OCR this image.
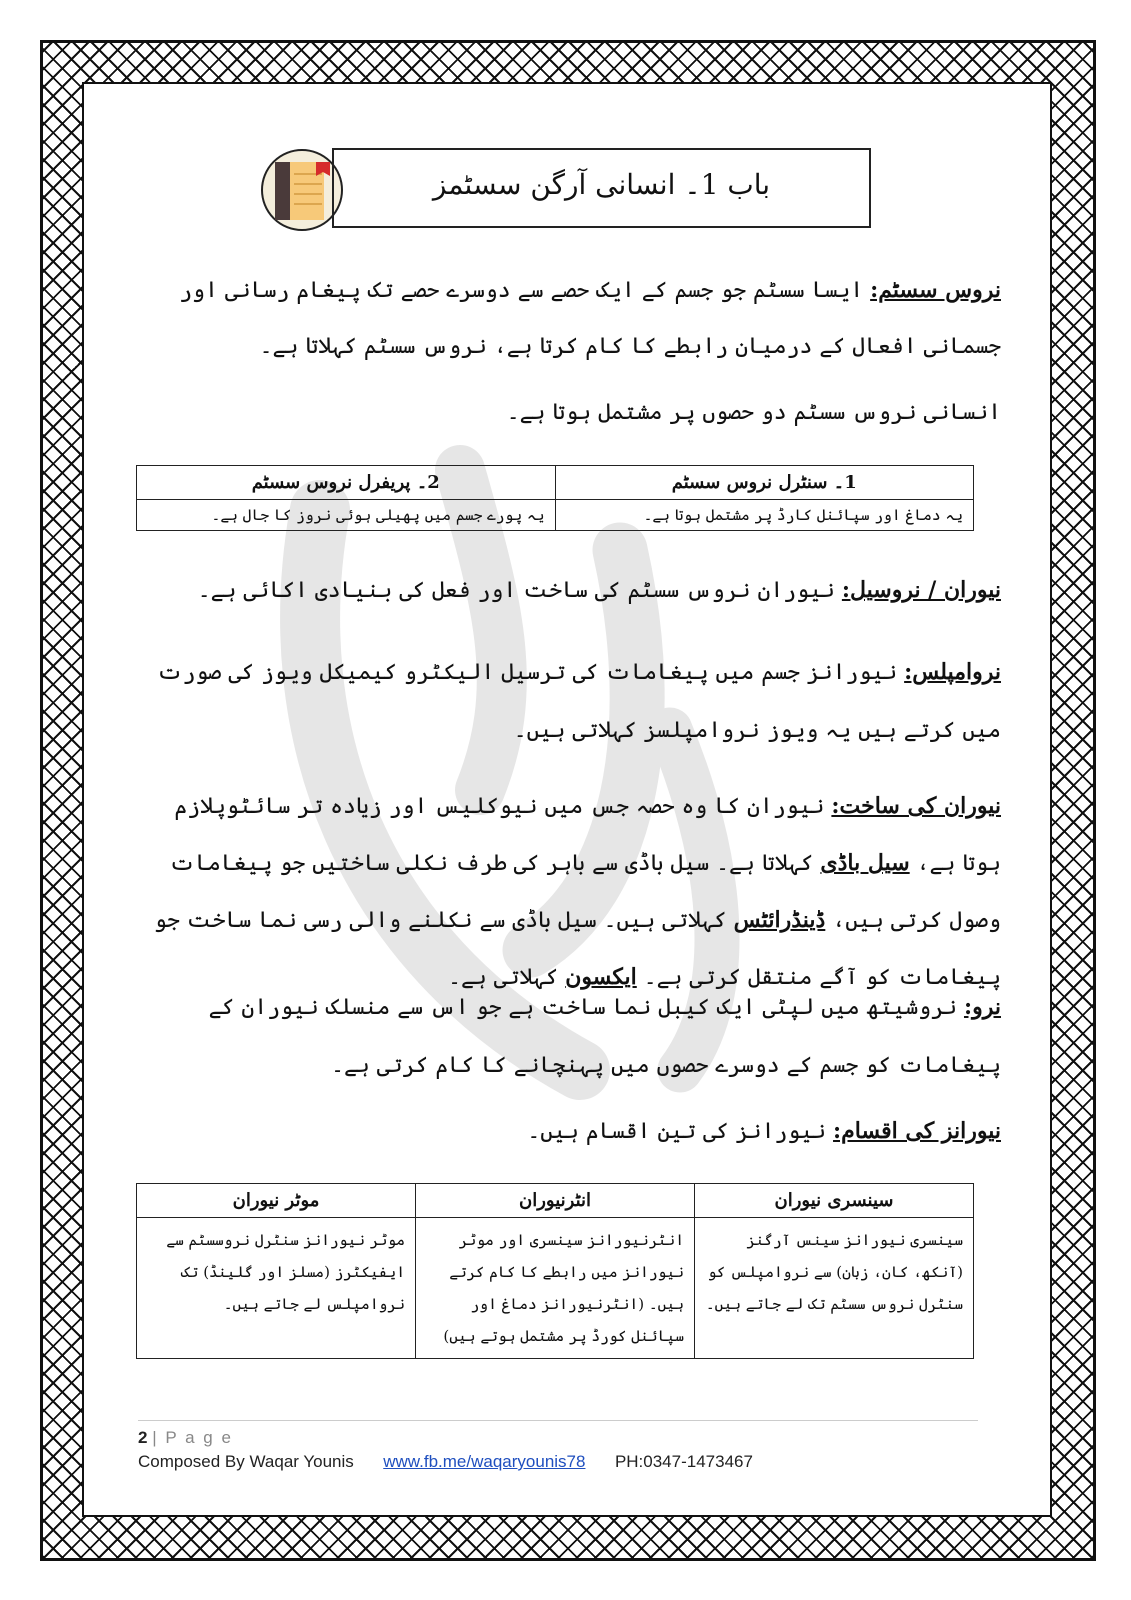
باب 1۔ انسانی آرگن سسٹمز
نروس سسٹم: ایسا سسٹم جو جسم کے ایک حصے سے دوسرے حصے تک پیغام رسانی اور جسمانی افعال کے درمیان رابطے کا کام کرتا ہے، نروس سسٹم کہلاتا ہے۔
انسانی نروس سسٹم دو حصوں پر مشتمل ہوتا ہے۔
1۔ سنٹرل نروس سسٹم	2۔ پریفرل نروس سسٹم
یہ دماغ اور سپائنل کارڈ پر مشتمل ہوتا ہے۔	یہ پورے جسم میں پھیلی ہوئی نروز کا جال ہے۔
نیوران / نروسیل: نیوران نروس سسٹم کی ساخت اور فعل کی بنیادی اکائی ہے۔
نروامپلس: نیورانز جسم میں پیغامات کی ترسیل الیکٹرو کیمیکل ویوز کی صورت میں کرتے ہیں یہ ویوز نروامپلسز کہلاتی ہیں۔
نیوران کی ساخت: نیوران کا وہ حصہ جس میں نیوکلیس اور زیادہ تر سائٹوپلازم ہوتا ہے، سیل باڈی کہلاتا ہے۔ سیل باڈی سے باہر کی طرف نکلی ساختیں جو پیغامات وصول کرتی ہیں، ڈینڈرائٹس کہلاتی ہیں۔ سیل باڈی سے نکلنے والی رسی نما ساخت جو پیغامات کو آگے منتقل کرتی ہے۔ ایکسون کہلاتی ہے۔
نرو: نروشیتھ میں لپٹی ایک کیبل نما ساخت ہے جو اس سے منسلک نیوران کے پیغامات کو جسم کے دوسرے حصوں میں پہنچانے کا کام کرتی ہے۔
نیورانز کی اقسام: نیورانز کی تین اقسام ہیں۔
سینسری نیوران	انٹرنیوران	موٹر نیوران
سینسری نیورانز سینس آرگنز (آنکھ، کان، زبان) سے نروامپلس کو سنٹرل نروس سسٹم تک لے جاتے ہیں۔	انٹرنیورانز سینسری اور موٹر نیورانز میں رابطے کا کام کرتے ہیں۔ (انٹرنیورانز دماغ اور سپائنل کورڈ پر مشتمل ہوتے ہیں)	موٹر نیورانز سنٹرل نروسسٹم سے ایفیکٹرز (مسلز اور گلینڈ) تک نروامپلس لے جاتے ہیں۔
2 | P a g e
Composed By Waqar Younis www.fb.me/waqaryounis78 PH:0347-1473467
